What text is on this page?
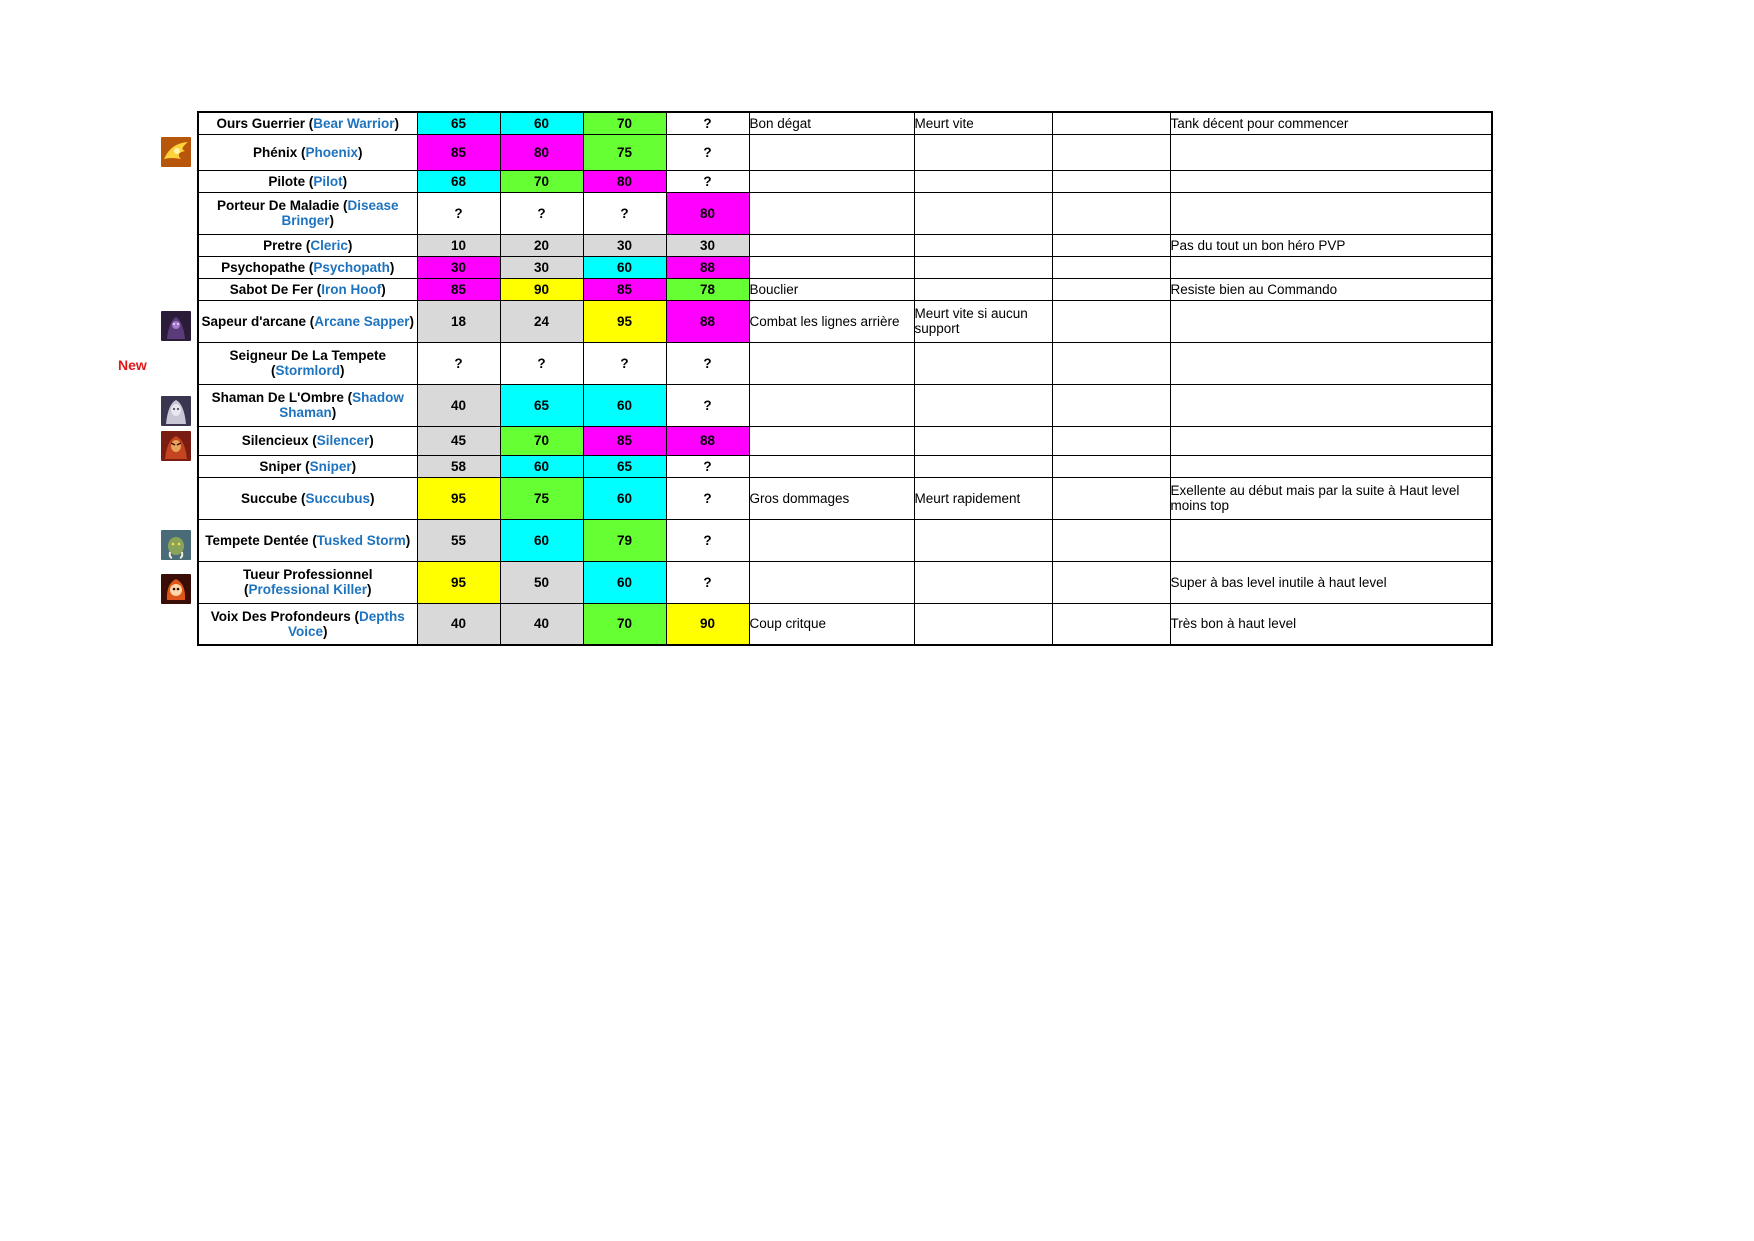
New
Ours Guerrier (Bear Warrior)	65	60	70	?	Bon dégat	Meurt vite		Tank décent pour commencer
Phénix (Phoenix)	85	80	75	?				
Pilote (Pilot)	68	70	80	?				
Porteur De Maladie (Disease Bringer)	?	?	?	80				
Pretre (Cleric)	10	20	30	30				Pas du tout un bon héro PVP
Psychopathe (Psychopath)	30	30	60	88				
Sabot De Fer (Iron Hoof)	85	90	85	78	Bouclier			Resiste bien au Commando
Sapeur d'arcane (Arcane Sapper)	18	24	95	88	Combat les lignes arrière	Meurt vite si aucun support		
Seigneur De La Tempete (Stormlord)	?	?	?	?				
Shaman De L'Ombre (Shadow Shaman)	40	65	60	?				
Silencieux (Silencer)	45	70	85	88				
Sniper (Sniper)	58	60	65	?				
Succube (Succubus)	95	75	60	?	Gros dommages	Meurt rapidement		Exellente au début mais par la suite à Haut level moins top
Tempete Dentée (Tusked Storm)	55	60	79	?				
Tueur Professionnel (Professional Killer)	95	50	60	?				Super à bas level inutile à haut level
Voix Des Profondeurs (Depths Voice)	40	40	70	90	Coup critque			Très bon à haut level
